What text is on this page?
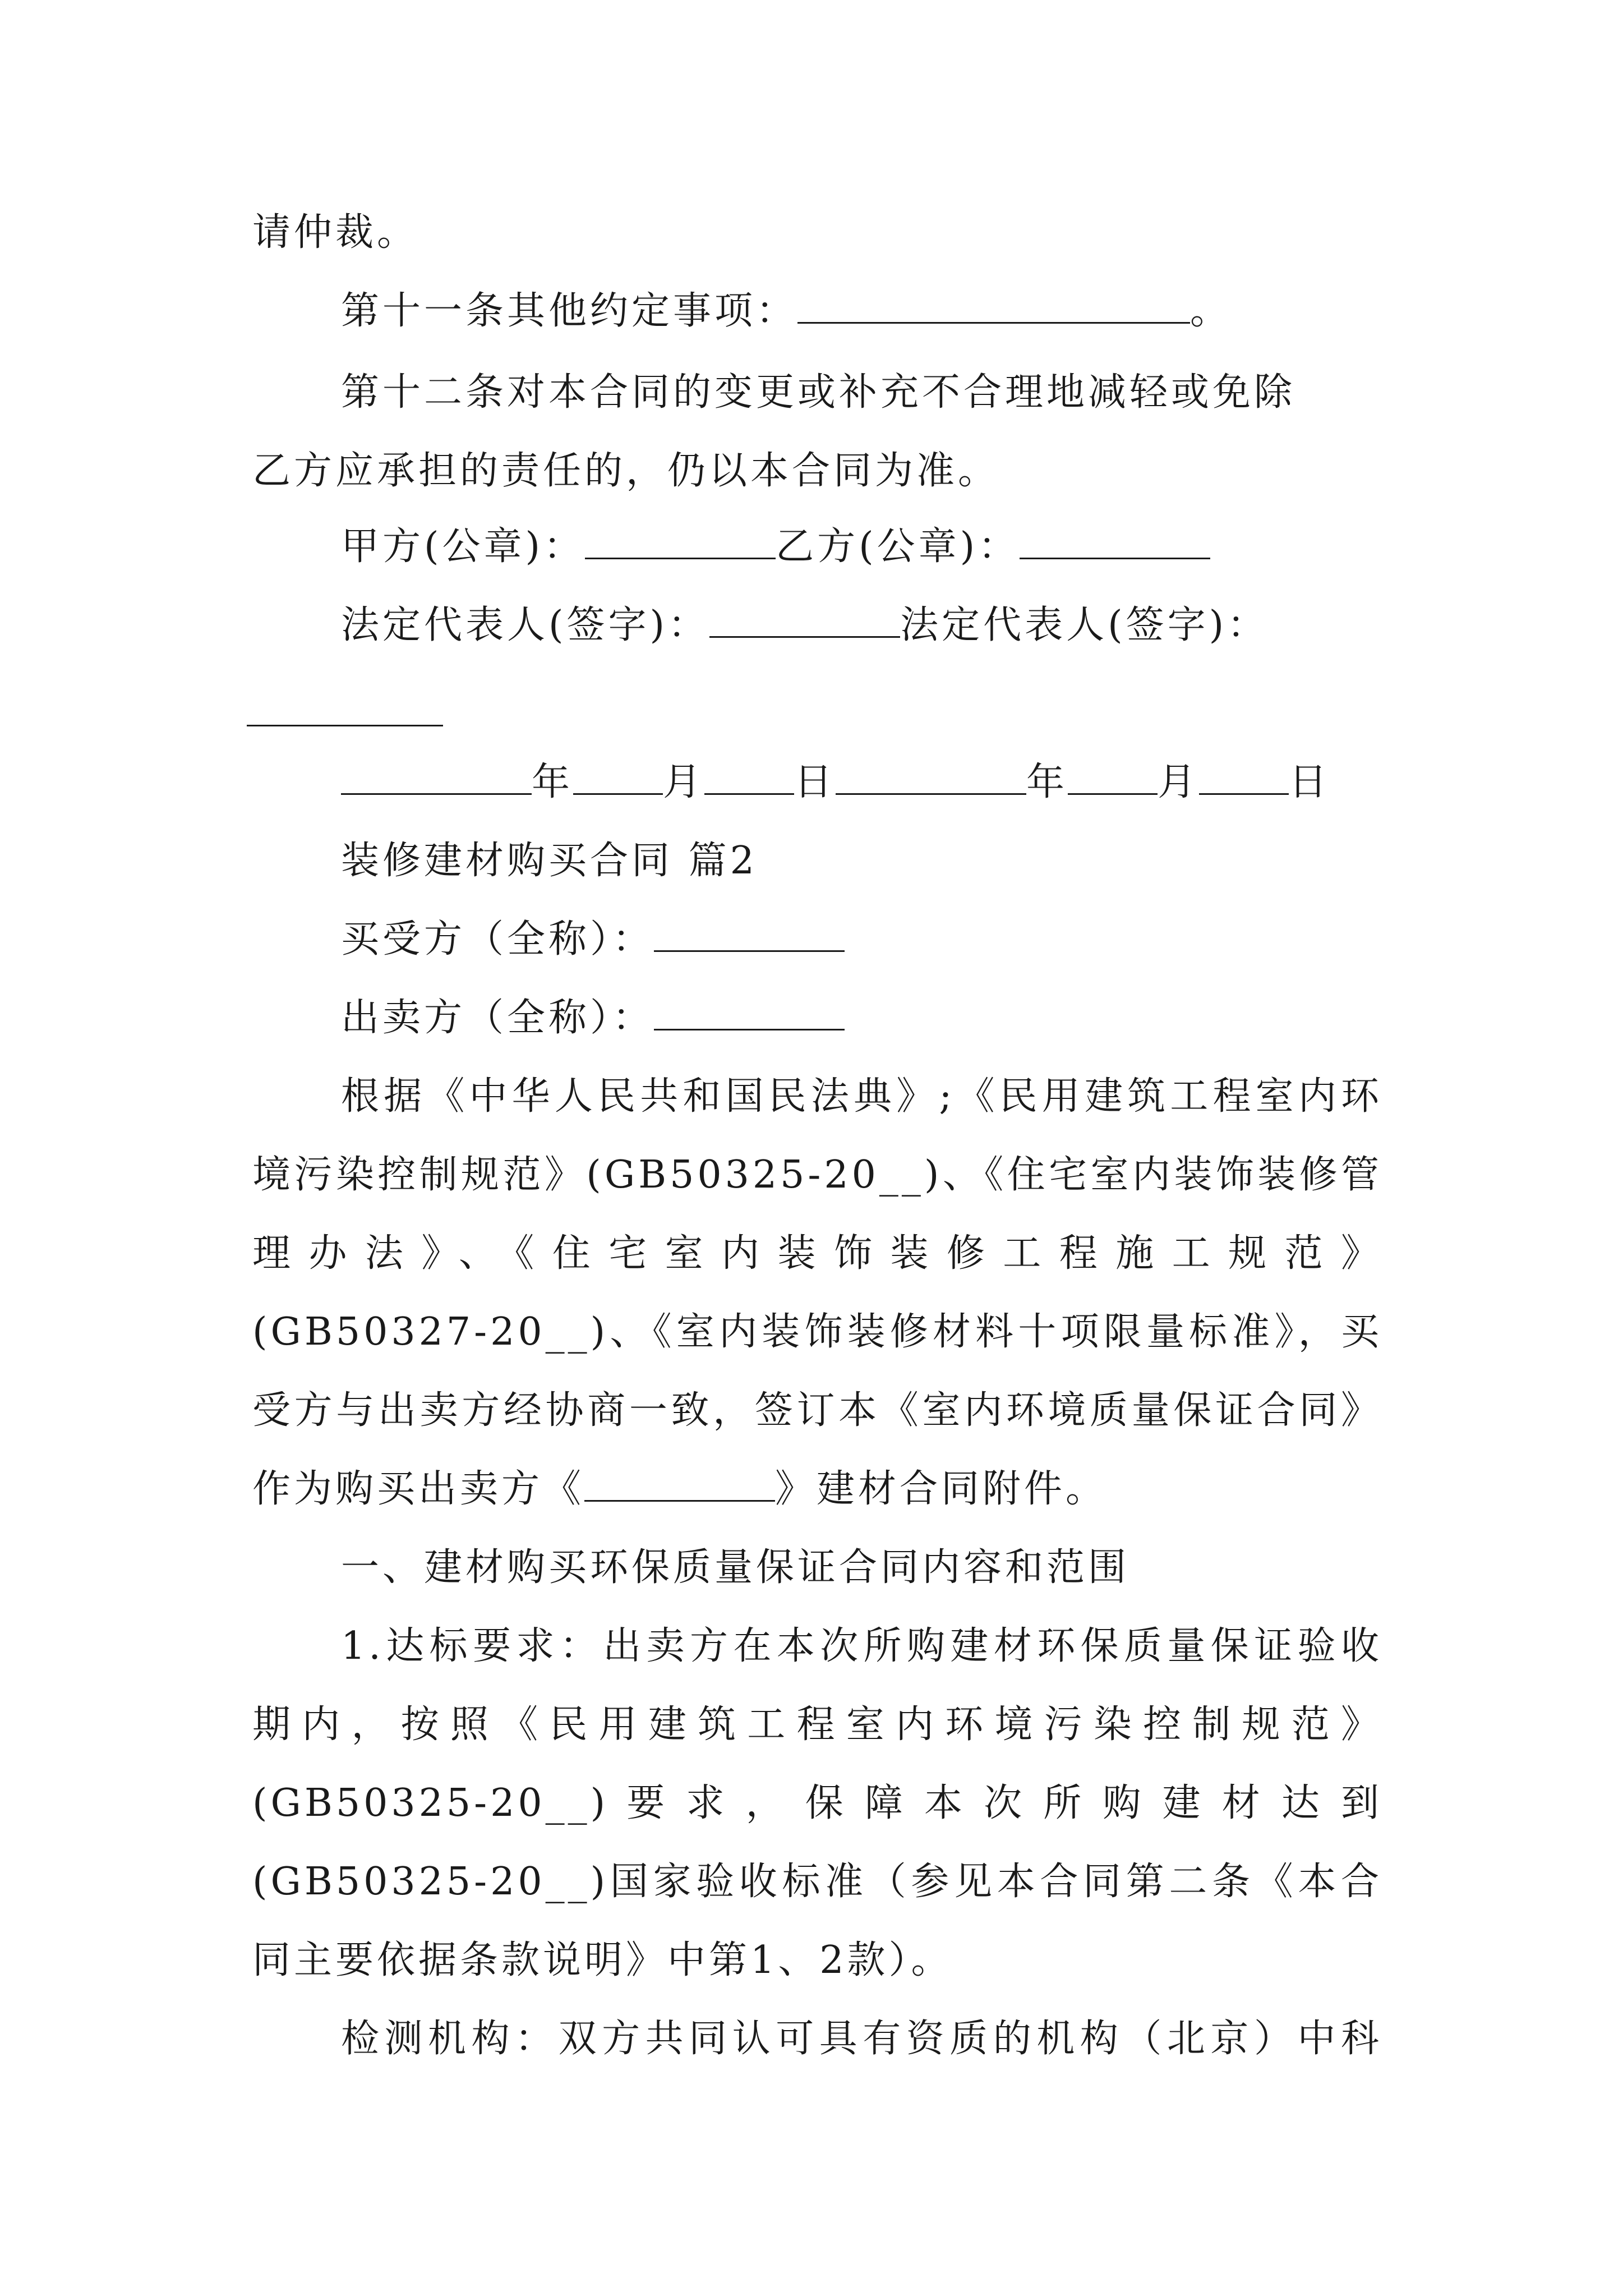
请仲裁。
第十一条其他约定事项：	。
第十二条对本合同的变更或补充不合理地减轻或免除
乙方应承担的责任的，仍以本合同为准。
甲方(公章)：	乙方(公章)：
法定代表人(签字)：	法定代表人(签字)：
年 月 日	年 月 日
装修建材购买合同 篇2
买受方（全称）：
出卖方（全称）：
根据《中华人民共和国民法典》;《民用建筑工程室内环
境污染控制规范》(GB50325-20__)、《住宅室内装饰装修管
理办法》、《住宅室内装饰装修工程施工规范》
(GB50327-20__)、《室内装饰装修材料十项限量标准》，买
受方与出卖方经协商一致，签订本《室内环境质量保证合同》
作为购买出卖方《	》建材合同附件。
一、建材购买环保质量保证合同内容和范围
1.达标要求：出卖方在本次所购建材环保质量保证验收
期内，按照《民用建筑工程室内环境污染控制规范》
(GB50325-20__)要求，保障本次所购建材达到
(GB50325-20__)国家验收标准（参见本合同第二条《本合
同主要依据条款说明》中第1、2款）。
检测机构：双方共同认可具有资质的机构（北京）中科
